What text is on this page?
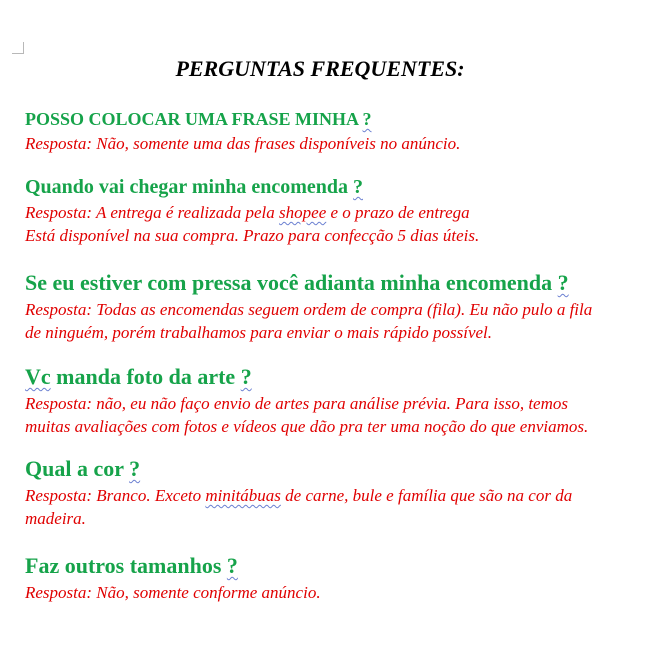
PERGUNTAS FREQUENTES:
POSSO COLOCAR UMA FRASE MINHA ?
Resposta: Não, somente uma das frases disponíveis no anúncio.
Quando vai chegar minha encomenda ?
Resposta: A entrega é realizada pela shopee e o prazo de entrega
Está disponível na sua compra. Prazo para confecção 5 dias úteis.
Se eu estiver com pressa você adianta minha encomenda ?
Resposta: Todas as encomendas seguem ordem de compra (fila). Eu não pulo a fila
de ninguém, porém trabalhamos para enviar o mais rápido possível.
Vc manda foto da arte ?
Resposta: não, eu não faço envio de artes para análise prévia. Para isso, temos
muitas avaliações com fotos e vídeos que dão pra ter uma noção do que enviamos.
Qual a cor ?
Resposta: Branco. Exceto minitábuas de carne, bule e família que são na cor da
madeira.
Faz outros tamanhos ?
Resposta: Não, somente conforme anúncio.
